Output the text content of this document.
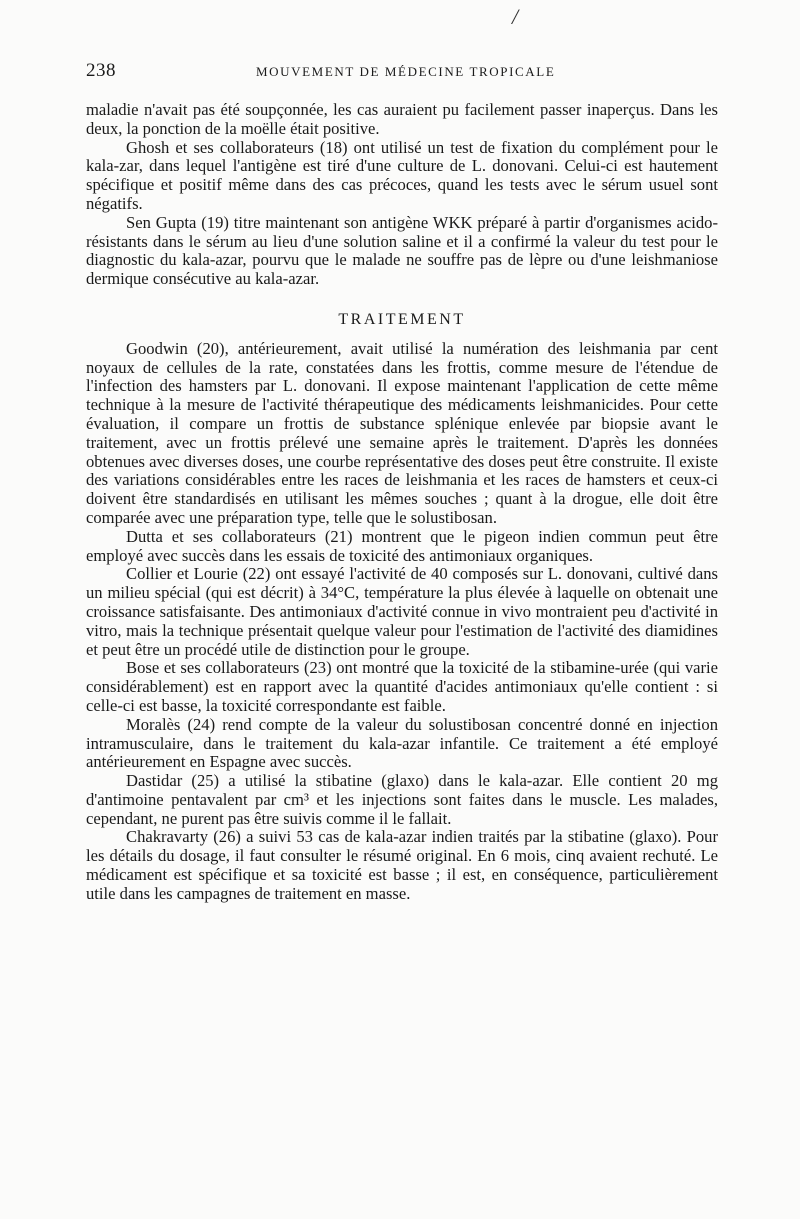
/
238	MOUVEMENT DE MÉDECINE TROPICALE

maladie n'avait pas été soupçonnée, les cas auraient pu facilement passer inaperçus. Dans les deux, la ponction de la moëlle était positive.

Ghosh et ses collaborateurs (18) ont utilisé un test de fixation du complément pour le kala-zar, dans lequel l'antigène est tiré d'une culture de L. donovani. Celui-ci est hautement spécifique et positif même dans des cas précoces, quand les tests avec le sérum usuel sont négatifs.

Sen Gupta (19) titre maintenant son antigène WKK préparé à partir d'organismes acido-résistants dans le sérum au lieu d'une solution saline et il a confirmé la valeur du test pour le diagnostic du kala-azar, pourvu que le malade ne souffre pas de lèpre ou d'une leishmaniose dermique consécutive au kala-azar.

TRAITEMENT

Goodwin (20), antérieurement, avait utilisé la numération des leishmania par cent noyaux de cellules de la rate, constatées dans les frottis, comme mesure de l'étendue de l'infection des hamsters par L. donovani. Il expose maintenant l'application de cette même technique à la mesure de l'activité thérapeutique des médicaments leishmanicides. Pour cette évaluation, il compare un frottis de substance splénique enlevée par biopsie avant le traitement, avec un frottis prélevé une semaine après le traitement. D'après les données obtenues avec diverses doses, une courbe représentative des doses peut être construite. Il existe des variations considérables entre les races de leishmania et les races de hamsters et ceux-ci doivent être standardisés en utilisant les mêmes souches ; quant à la drogue, elle doit être comparée avec une préparation type, telle que le solustibosan.

Dutta et ses collaborateurs (21) montrent que le pigeon indien commun peut être employé avec succès dans les essais de toxicité des antimoniaux organiques.

Collier et Lourie (22) ont essayé l'activité de 40 composés sur L. donovani, cultivé dans un milieu spécial (qui est décrit) à 34°C, température la plus élevée à laquelle on obtenait une croissance satisfaisante. Des antimoniaux d'activité connue in vivo montraient peu d'activité in vitro, mais la technique présentait quelque valeur pour l'estimation de l'activité des diamidines et peut être un procédé utile de distinction pour le groupe.

Bose et ses collaborateurs (23) ont montré que la toxicité de la stibamine-urée (qui varie considérablement) est en rapport avec la quantité d'acides antimoniaux qu'elle contient : si celle-ci est basse, la toxicité correspondante est faible.

Moralès (24) rend compte de la valeur du solustibosan concentré donné en injection intramusculaire, dans le traitement du kala-azar infantile. Ce traitement a été employé antérieurement en Espagne avec succès.

Dastidar (25) a utilisé la stibatine (glaxo) dans le kala-azar. Elle contient 20 mg d'antimoine pentavalent par cm³ et les injections sont faites dans le muscle. Les malades, cependant, ne purent pas être suivis comme il le fallait.

Chakravarty (26) a suivi 53 cas de kala-azar indien traités par la stibatine (glaxo). Pour les détails du dosage, il faut consulter le résumé original. En 6 mois, cinq avaient rechuté. Le médicament est spécifique et sa toxicité est basse ; il est, en conséquence, particulièrement utile dans les campagnes de traitement en masse.
